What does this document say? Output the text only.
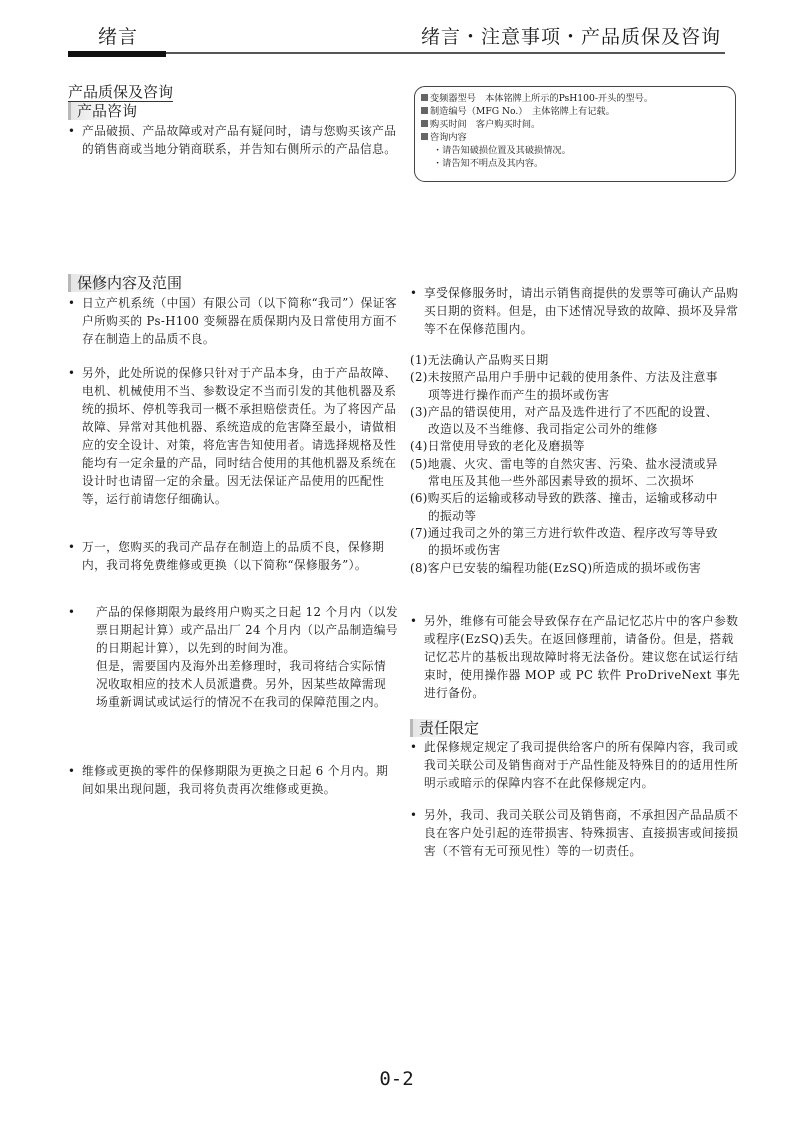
绪言	绪言・注意事项・产品质保及咨询
产品质保及咨询
产品咨询

• 产品破损、产品故障或对产品有疑问时，请与您购买该产品的销售商或当地分销商联系，并告知右侧所示的产品信息。

变频器型号　本体铭牌上所示的PsH100-开头的型号。
制造编号（MFG No.）　主体铭牌上有记载。
购买时间　客户购买时间。
咨询内容
・请告知破损位置及其破损情况。
・请告知不明点及其内容。
保修内容及范围

• 日立产机系统（中国）有限公司（以下简称“我司”）保证客户所购买的 Ps-H100 变频器在质保期内及日常使用方面不存在制造上的品质不良。

• 另外，此处所说的保修只针对于产品本身，由于产品故障、电机、机械使用不当、参数设定不当而引发的其他机器及系统的损坏、停机等我司一概不承担赔偿责任。为了将因产品故障、异常对其他机器、系统造成的危害降至最小，请做相应的安全设计、对策，将危害告知使用者。请选择规格及性能均有一定余量的产品，同时结合使用的其他机器及系统在设计时也请留一定的余量。因无法保证产品使用的匹配性等，运行前请您仔细确认。

• 万一，您购买的我司产品存在制造上的品质不良，保修期内，我司将免费维修或更换（以下简称“保修服务”）。

• 产品的保修期限为最终用户购买之日起 12 个月内（以发票日期起计算）或产品出厂 24 个月内（以产品制造编号的日期起计算），以先到的时间为准。

但是，需要国内及海外出差修理时，我司将结合实际情况收取相应的技术人员派遣费。另外，因某些故障需现场重新调试或试运行的情况不在我司的保障范围之内。

• 维修或更换的零件的保修期限为更换之日起 6 个月内。期间如果出现问题，我司将负责再次维修或更换。

• 享受保修服务时，请出示销售商提供的发票等可确认产品购买日期的资料。但是，由下述情况导致的故障、损坏及异常等不在保修范围内。

(1)无法确认产品购买日期
(2)未按照产品用户手册中记载的使用条件、方法及注意事项等进行操作而产生的损坏或伤害
(3)产品的错误使用，对产品及选件进行了不匹配的设置、改造以及不当维修、我司指定公司外的维修
(4)日常使用导致的老化及磨损等
(5)地震、火灾、雷电等的自然灾害、污染、盐水浸渍或异常电压及其他一些外部因素导致的损坏、二次损坏
(6)购买后的运输或移动导致的跌落、撞击，运输或移动中的振动等
(7)通过我司之外的第三方进行软件改造、程序改写等导致的损坏或伤害
(8)客户已安装的编程功能(EzSQ)所造成的损坏或伤害

• 另外，维修有可能会导致保存在产品记忆芯片中的客户参数或程序(EzSQ)丢失。在返回修理前，请备份。但是，搭载记忆芯片的基板出现故障时将无法备份。建议您在试运行结束时，使用操作器 MOP 或 PC 软件 ProDriveNext 事先进行备份。

责任限定

• 此保修规定规定了我司提供给客户的所有保障内容，我司或我司关联公司及销售商对于产品性能及特殊目的的适用性所明示或暗示的保障内容不在此保修规定内。

• 另外，我司、我司关联公司及销售商，不承担因产品品质不良在客户处引起的连带损害、特殊损害、直接损害或间接损害（不管有无可预见性）等的一切责任。

0-2
